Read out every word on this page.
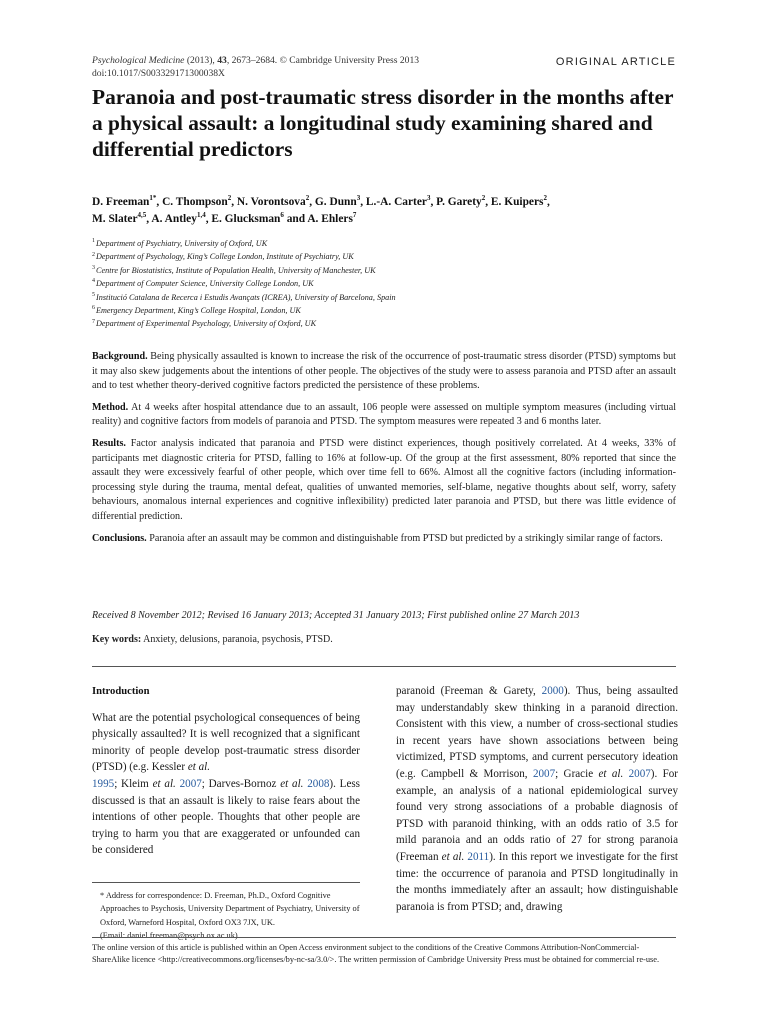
Psychological Medicine (2013), 43, 2673–2684. © Cambridge University Press 2013
doi:10.1017/S003329171300038X
ORIGINAL ARTICLE
Paranoia and post-traumatic stress disorder in the months after a physical assault: a longitudinal study examining shared and differential predictors
D. Freeman$^{1*}$, C. Thompson$^2$, N. Vorontsova$^2$, G. Dunn$^3$, L.-A. Carter$^3$, P. Garety$^2$, E. Kuipers$^2$,
M. Slater$^{4,5}$, A. Antley$^{1,4}$, E. Glucksman$^6$ and A. Ehlers$^7$
$^1$Department of Psychiatry, University of Oxford, UK
$^2$Department of Psychology, King’s College London, Institute of Psychiatry, UK
$^3$Centre for Biostatistics, Institute of Population Health, University of Manchester, UK
$^4$Department of Computer Science, University College London, UK
$^5$Institució Catalana de Recerca i Estudis Avançats (ICREA), University of Barcelona, Spain
$^6$Emergency Department, King’s College Hospital, London, UK
$^7$Department of Experimental Psychology, University of Oxford, UK

Background. Being physically assaulted is known to increase the risk of the occurrence of post-traumatic stress disorder (PTSD) symptoms but it may also skew judgements about the intentions of other people. The objectives of the study were to assess paranoia and PTSD after an assault and to test whether theory-derived cognitive factors predicted the persistence of these problems.

Method. At 4 weeks after hospital attendance due to an assault, 106 people were assessed on multiple symptom measures (including virtual reality) and cognitive factors from models of paranoia and PTSD. The symptom measures were repeated 3 and 6 months later.

Results. Factor analysis indicated that paranoia and PTSD were distinct experiences, though positively correlated. At 4 weeks, 33% of participants met diagnostic criteria for PTSD, falling to 16% at follow-up. Of the group at the first assessment, 80% reported that since the assault they were excessively fearful of other people, which over time fell to 66%. Almost all the cognitive factors (including information-processing style during the trauma, mental defeat, qualities of unwanted memories, self-blame, negative thoughts about self, worry, safety behaviours, anomalous internal experiences and cognitive inflexibility) predicted later paranoia and PTSD, but there was little evidence of differential prediction.

Conclusions. Paranoia after an assault may be common and distinguishable from PTSD but predicted by a strikingly similar range of factors.

Received 8 November 2012; Revised 16 January 2013; Accepted 31 January 2013; First published online 27 March 2013
Key words: Anxiety, delusions, paranoia, psychosis, PTSD.
Introduction

What are the potential psychological consequences of being physically assaulted? It is well recognized that a significant minority of people develop post-traumatic stress disorder (PTSD) (e.g. Kessler et al.
1995; Kleim et al. 2007; Darves-Bornoz et al. 2008). Less discussed is that an assault is likely to raise fears about the intentions of other people. Thoughts that other people are trying to harm you that are exaggerated or unfounded can be considered

paranoid (Freeman & Garety, 2000). Thus, being assaulted may understandably skew thinking in a paranoid direction. Consistent with this view, a number of cross-sectional studies in recent years have shown associations between being victimized, PTSD symptoms, and current persecutory ideation (e.g. Campbell & Morrison, 2007; Gracie et al. 2007). For example, an analysis of a national epidemiological survey found very strong associations of a probable diagnosis of PTSD with paranoid thinking, with an odds ratio of 3.5 for mild paranoia and an odds ratio of 27 for strong paranoia (Freeman et al. 2011). In this report we investigate for the first time: the occurrence of paranoia and PTSD longitudinally in the months immediately after an assault; how distinguishable paranoia is from PTSD; and, drawing

* Address for correspondence: D. Freeman, Ph.D., Oxford Cognitive Approaches to Psychosis, University Department of Psychiatry, University of Oxford, Warneford Hospital, Oxford OX3 7JX, UK.

(Email: daniel.freeman@psych.ox.ac.uk)

The online version of this article is published within an Open Access environment subject to the conditions of the Creative Commons Attribution-NonCommercial-ShareAlike licence <http://creativecommons.org/licenses/by-nc-sa/3.0/>. The written permission of Cambridge University Press must be obtained for commercial re-use.
